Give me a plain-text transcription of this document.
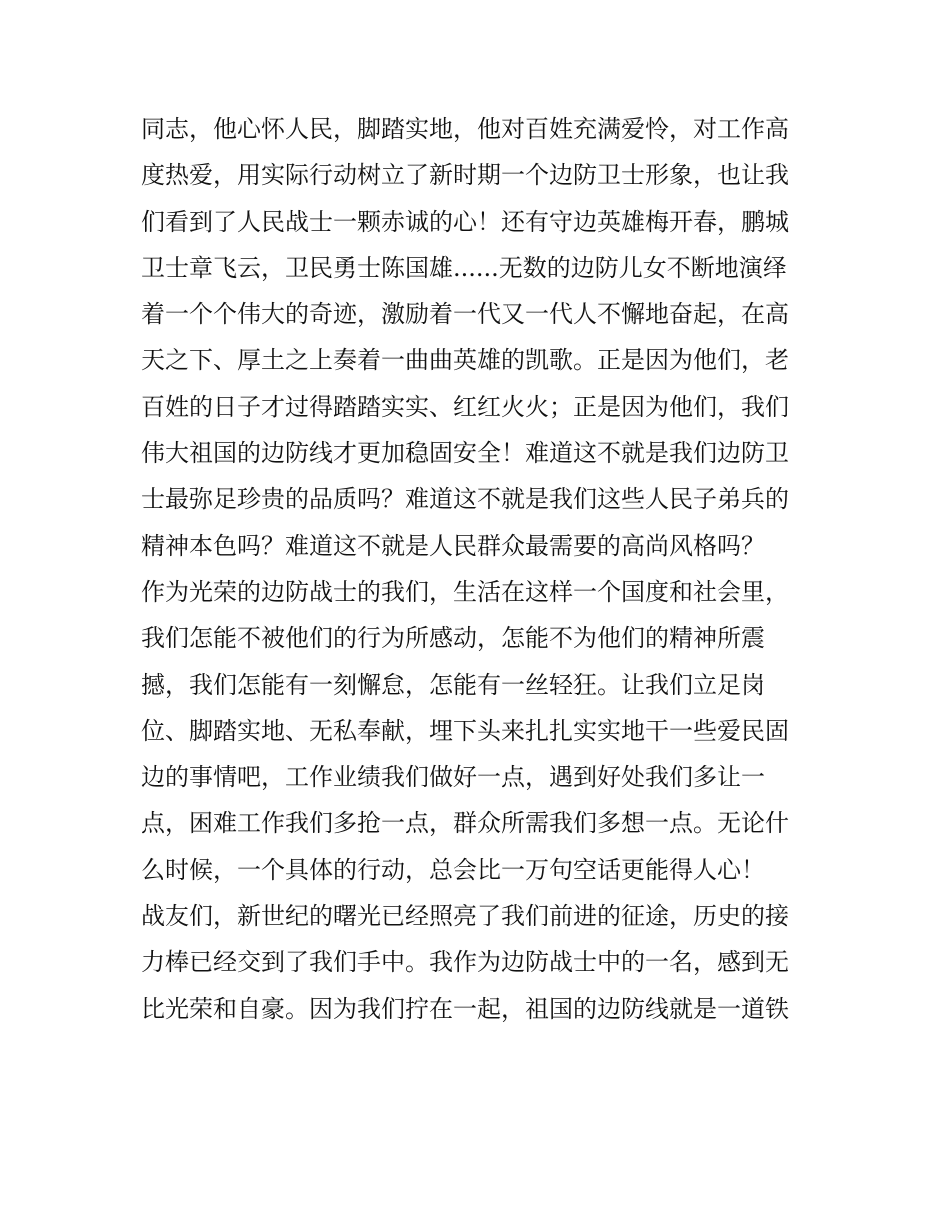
同志，他心怀人民，脚踏实地，他对百姓充满爱怜，对工作高
度热爱，用实际行动树立了新时期一个边防卫士形象，也让我
们看到了人民战士一颗赤诚的心！还有守边英雄梅开春，鹏城
卫士章飞云，卫民勇士陈国雄......无数的边防儿女不断地演绎
着一个个伟大的奇迹，激励着一代又一代人不懈地奋起，在高
天之下、厚土之上奏着一曲曲英雄的凯歌。正是因为他们，老
百姓的日子才过得踏踏实实、红红火火；正是因为他们，我们
伟大祖国的边防线才更加稳固安全！难道这不就是我们边防卫
士最弥足珍贵的品质吗？难道这不就是我们这些人民子弟兵的
精神本色吗？难道这不就是人民群众最需要的高尚风格吗？
作为光荣的边防战士的我们，生活在这样一个国度和社会里，
我们怎能不被他们的行为所感动，怎能不为他们的精神所震
撼，我们怎能有一刻懈怠，怎能有一丝轻狂。让我们立足岗
位、脚踏实地、无私奉献，埋下头来扎扎实实地干一些爱民固
边的事情吧，工作业绩我们做好一点，遇到好处我们多让一
点，困难工作我们多抢一点，群众所需我们多想一点。无论什
么时候，一个具体的行动，总会比一万句空话更能得人心！
战友们，新世纪的曙光已经照亮了我们前进的征途，历史的接
力棒已经交到了我们手中。我作为边防战士中的一名，感到无
比光荣和自豪。因为我们拧在一起，祖国的边防线就是一道铁
